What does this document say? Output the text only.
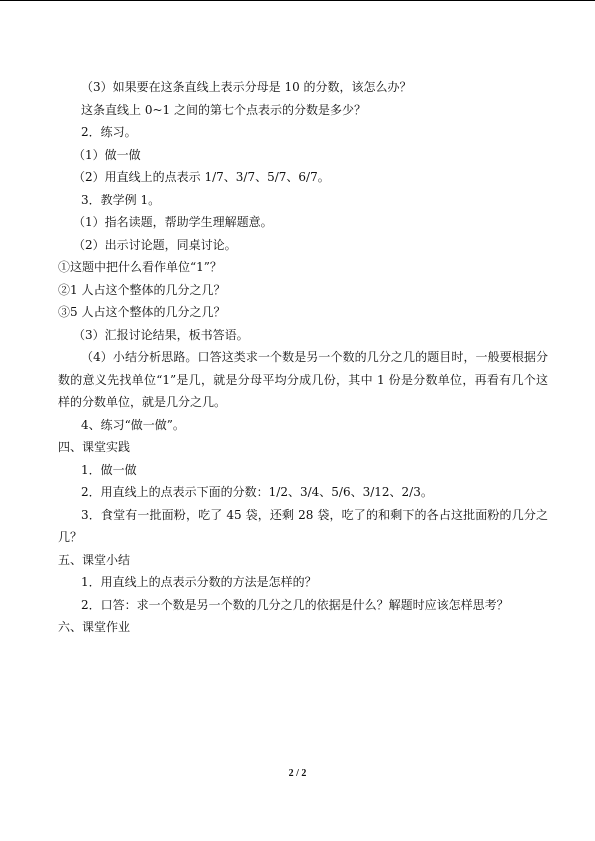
（3）如果要在这条直线上表示分母是 10 的分数，该怎么办？

这条直线上 0~1 之间的第七个点表示的分数是多少？

2．练习。

（1）做一做

（2）用直线上的点表示 1/7、3/7、5/7、6/7。

3．教学例 1。

（1）指名读题，帮助学生理解题意。

（2）出示讨论题，同桌讨论。

①这题中把什么看作单位“1”？

②1 人占这个整体的几分之几？

③5 人占这个整体的几分之几？

（3）汇报讨论结果，板书答语。

（4）小结分析思路。口答这类求一个数是另一个数的几分之几的题目时，一般要根据分数的意义先找单位“1”是几，就是分母平均分成几份，其中 1 份是分数单位，再看有几个这样的分数单位，就是几分之几。

4、练习“做一做”。

四、课堂实践

1．做一做

2．用直线上的点表示下面的分数：1/2、3/4、5/6、3/12、2/3。

3．食堂有一批面粉，吃了 45 袋，还剩 28 袋，吃了的和剩下的各占这批面粉的几分之几？

五、课堂小结

1．用直线上的点表示分数的方法是怎样的？

2．口答：求一个数是另一个数的几分之几的依据是什么？解题时应该怎样思考？

六、课堂作业

2 / 2
